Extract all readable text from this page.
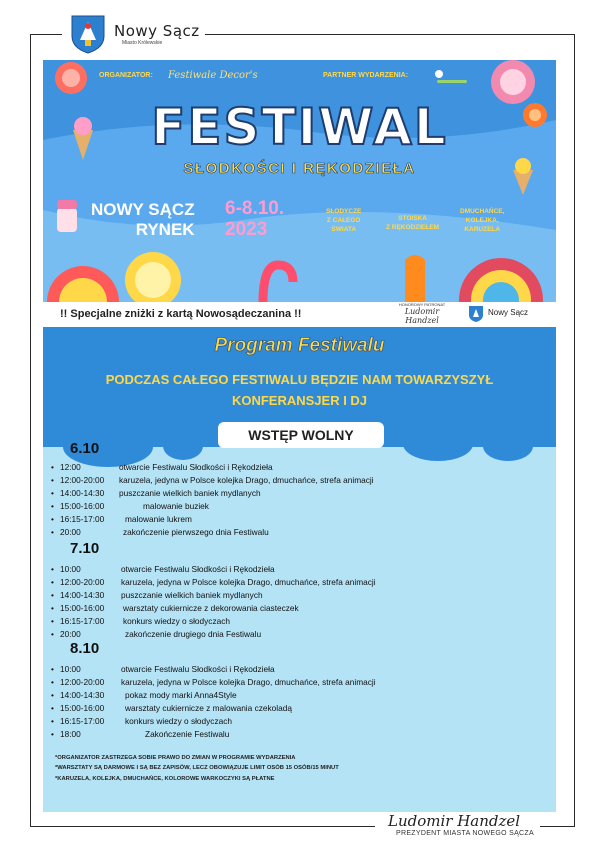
Nowy Sącz
Miasto Królewskie
ORGANIZATOR: Festiwale Decor's	PARTNER WYDARZENIA:
FESTIWAL
SŁODKOŚCI I RĘKODZIEŁA
NOWY SĄCZ
RYNEK
6-8.10.
2023
SŁODYCZE
Z CAŁEGO
ŚWIATA
STOISKA
Z RĘKODZIEŁEM
DMUCHAŃCE,
KOLEJKA,
KARUZELA
!! Specjalne zniżki z kartą Nowosądeczanina !!
HONOROWY PATRONAT
Ludomir Handzel
Nowy Sącz
Program Festiwalu
PODCZAS CAŁEGO FESTIWALU BĘDZIE NAM TOWARZYSZYŁ
KONFERANSJER I DJ
WSTĘP WOLNY
6.10
• 12:00	otwarcie Festiwalu Słodkości i Rękodzieła
• 12:00-20:00 karuzela, jedyna w Polsce kolejka Drago, dmuchańce, strefa animacji
• 14:00-14:30 puszczanie wielkich baniek mydlanych
• 15:00-16:00	malowanie buziek
• 16:15-17:00 malowanie lukrem
• 20:00	zakończenie pierwszego dnia Festiwalu
7.10
• 10:00	otwarcie Festiwalu Słodkości i Rękodzieła
• 12:00-20:00 karuzela, jedyna w Polsce kolejka Drago, dmuchańce, strefa animacji
• 14:00-14:30 puszczanie wielkich baniek mydlanych
• 15:00-16:00 warsztaty cukiernicze z dekorowania ciasteczek
• 16:15-17:00 konkurs wiedzy o słodyczach
• 20:00	zakończenie drugiego dnia Festiwalu
8.10
• 10:00	otwarcie Festiwalu Słodkości i Rękodzieła
• 12:00-20:00 karuzela, jedyna w Polsce kolejka Drago, dmuchańce, strefa animacji
• 14:00-14:30 pokaz mody marki Anna4Style
• 15:00-16:00 warsztaty cukiernicze z malowania czekoladą
• 16:15-17:00 konkurs wiedzy o słodyczach
• 18:00	Zakończenie Festiwalu
*ORGANIZATOR ZASTRZEGA SOBIE PRAWO DO ZMIAN W PROGRAMIE WYDARZENIA
*WARSZTATY SĄ DARMOWE I SĄ BEZ ZAPISÓW, LECZ OBOWIĄZUJE LIMIT OSÓB 15 OSÓB/15 MINUT
*KARUZELA, KOLEJKA, DMUCHAŃCE, KOLOROWE WARKOCZYKI SĄ PŁATNE
Ludomir Handzel
PREZYDENT MIASTA NOWEGO SĄCZA
